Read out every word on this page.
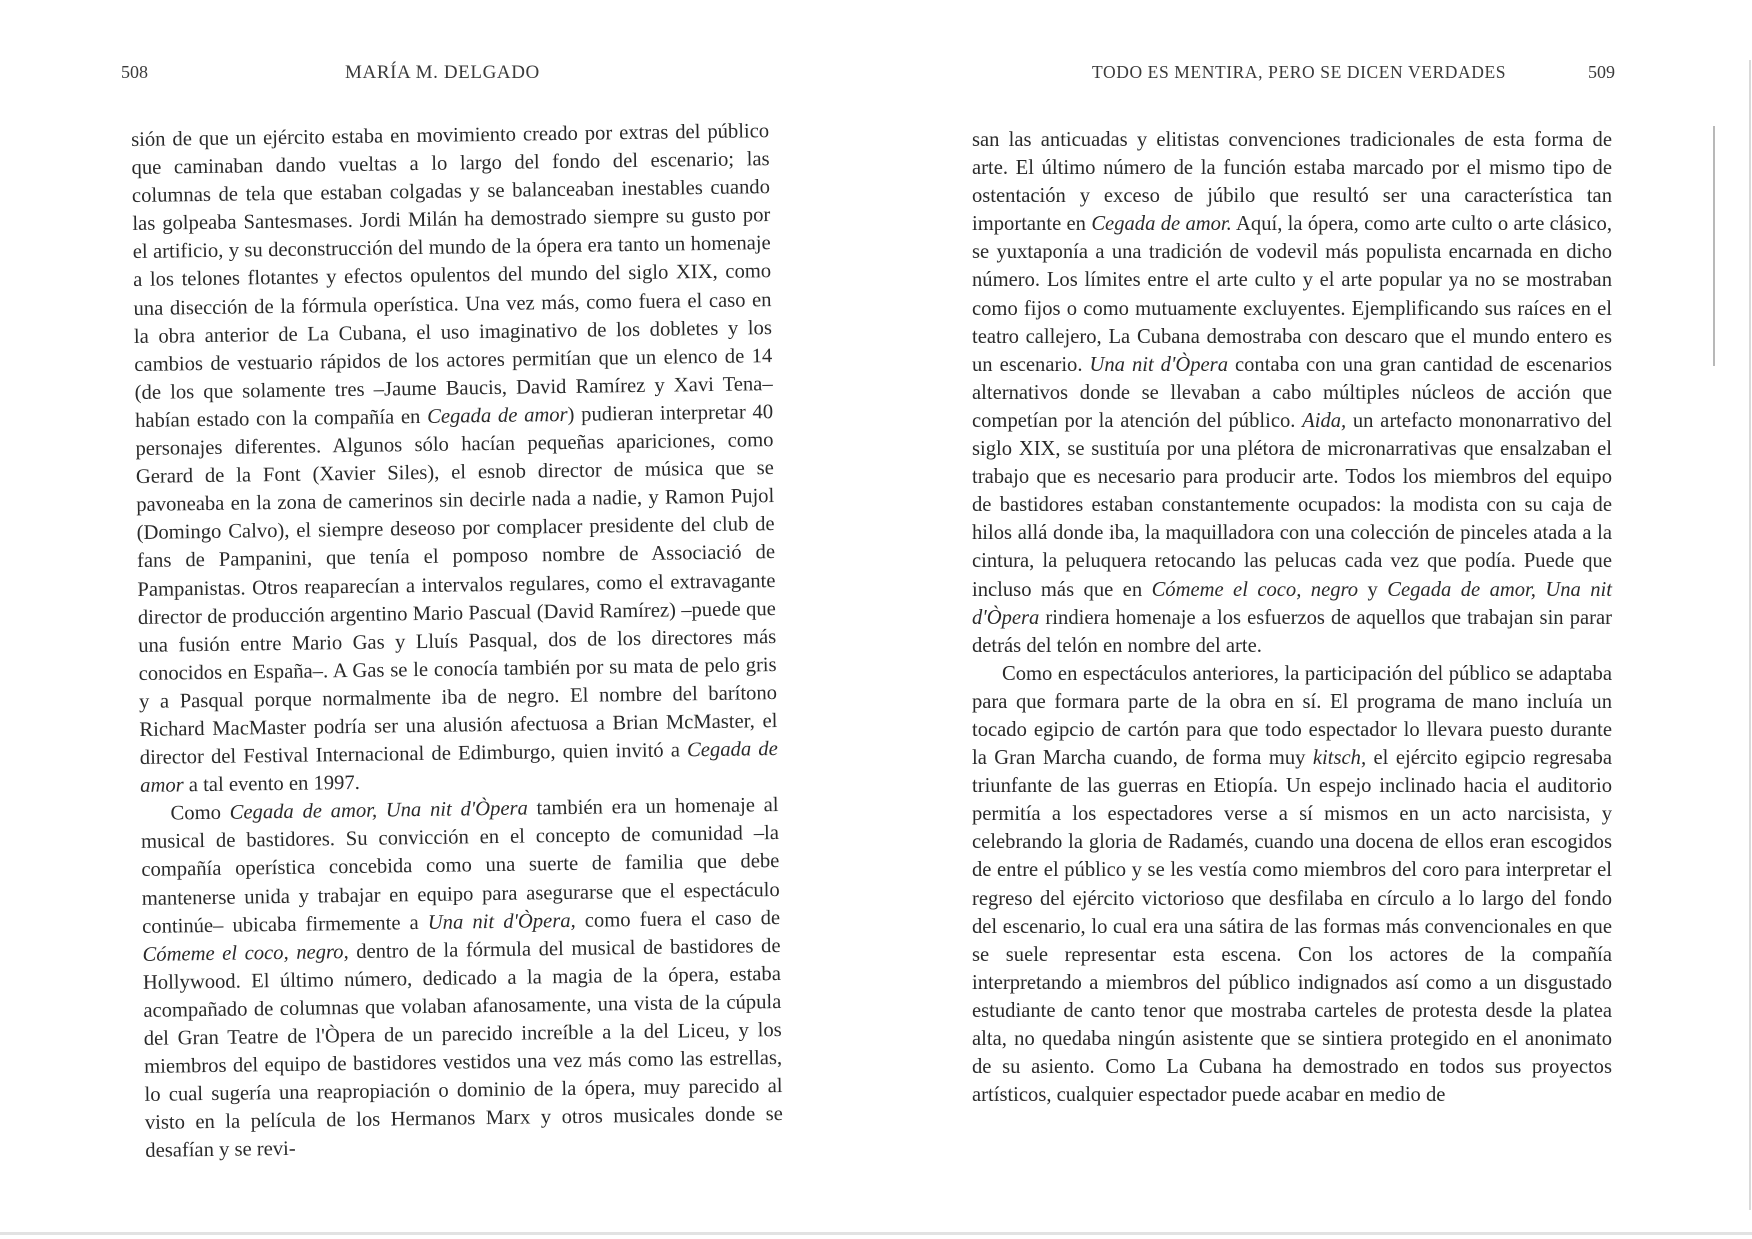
508	MARÍA M. DELGADO

sión de que un ejército estaba en movimiento creado por extras del público que caminaban dando vueltas a lo largo del fondo del escenario; las columnas de tela que estaban colgadas y se balanceaban inestables cuando las golpeaba Santesmases. Jordi Milán ha demostrado siempre su gusto por el artificio, y su deconstrucción del mundo de la ópera era tanto un homenaje a los telones flotantes y efectos opulentos del mundo del siglo XIX, como una disección de la fórmula operística. Una vez más, como fuera el caso en la obra anterior de La Cubana, el uso imaginativo de los dobletes y los cambios de vestuario rápidos de los actores permitían que un elenco de 14 (de los que solamente tres –Jaume Baucis, David Ramírez y Xavi Tena– habían estado con la compañía en Cegada de amor) pudieran interpretar 40 personajes diferentes. Algunos sólo hacían pequeñas apariciones, como Gerard de la Font (Xavier Siles), el esnob director de música que se pavoneaba en la zona de camerinos sin decirle nada a nadie, y Ramon Pujol (Domingo Calvo), el siempre deseoso por complacer presidente del club de fans de Pampanini, que tenía el pomposo nombre de Associació de Pampanistas. Otros reaparecían a intervalos regulares, como el extravagante director de producción argentino Mario Pascual (David Ramírez) –puede que una fusión entre Mario Gas y Lluís Pasqual, dos de los directores más conocidos en España–. A Gas se le conocía también por su mata de pelo gris y a Pasqual porque normalmente iba de negro. El nombre del barítono Richard MacMaster podría ser una alusión afectuosa a Brian McMaster, el director del Festival Internacional de Edimburgo, quien invitó a Cegada de amor a tal evento en 1997.

Como Cegada de amor, Una nit d'Òpera también era un homenaje al musical de bastidores. Su convicción en el concepto de comunidad –la compañía operística concebida como una suerte de familia que debe mantenerse unida y trabajar en equipo para asegurarse que el espectáculo continúe– ubicaba firmemente a Una nit d'Òpera, como fuera el caso de Cómeme el coco, negro, dentro de la fórmula del musical de bastidores de Hollywood. El último número, dedicado a la magia de la ópera, estaba acompañado de columnas que volaban afanosamente, una vista de la cúpula del Gran Teatre de l'Òpera de un parecido increíble a la del Liceu, y los miembros del equipo de bastidores vestidos una vez más como las estrellas, lo cual sugería una reapropiación o dominio de la ópera, muy parecido al visto en la película de los Hermanos Marx y otros musicales donde se desafían y se revi-

TODO ES MENTIRA, PERO SE DICEN VERDADES	509

san las anticuadas y elitistas convenciones tradicionales de esta forma de arte. El último número de la función estaba marcado por el mismo tipo de ostentación y exceso de júbilo que resultó ser una característica tan importante en Cegada de amor. Aquí, la ópera, como arte culto o arte clásico, se yuxtaponía a una tradición de vodevil más populista encarnada en dicho número. Los límites entre el arte culto y el arte popular ya no se mostraban como fijos o como mutuamente excluyentes. Ejemplificando sus raíces en el teatro callejero, La Cubana demostraba con descaro que el mundo entero es un escenario. Una nit d'Òpera contaba con una gran cantidad de escenarios alternativos donde se llevaban a cabo múltiples núcleos de acción que competían por la atención del público. Aida, un artefacto mononarrativo del siglo XIX, se sustituía por una plétora de micronarrativas que ensalzaban el trabajo que es necesario para producir arte. Todos los miembros del equipo de bastidores estaban constantemente ocupados: la modista con su caja de hilos allá donde iba, la maquilladora con una colección de pinceles atada a la cintura, la peluquera retocando las pelucas cada vez que podía. Puede que incluso más que en Cómeme el coco, negro y Cegada de amor, Una nit d'Òpera rindiera homenaje a los esfuerzos de aquellos que trabajan sin parar detrás del telón en nombre del arte.

Como en espectáculos anteriores, la participación del público se adaptaba para que formara parte de la obra en sí. El programa de mano incluía un tocado egipcio de cartón para que todo espectador lo llevara puesto durante la Gran Marcha cuando, de forma muy kitsch, el ejército egipcio regresaba triunfante de las guerras en Etiopía. Un espejo inclinado hacia el auditorio permitía a los espectadores verse a sí mismos en un acto narcisista, y celebrando la gloria de Radamés, cuando una docena de ellos eran escogidos de entre el público y se les vestía como miembros del coro para interpretar el regreso del ejército victorioso que desfilaba en círculo a lo largo del fondo del escenario, lo cual era una sátira de las formas más convencionales en que se suele representar esta escena. Con los actores de la compañía interpretando a miembros del público indignados así como a un disgustado estudiante de canto tenor que mostraba carteles de protesta desde la platea alta, no quedaba ningún asistente que se sintiera protegido en el anonimato de su asiento. Como La Cubana ha demostrado en todos sus proyectos artísticos, cualquier espectador puede acabar en medio de
